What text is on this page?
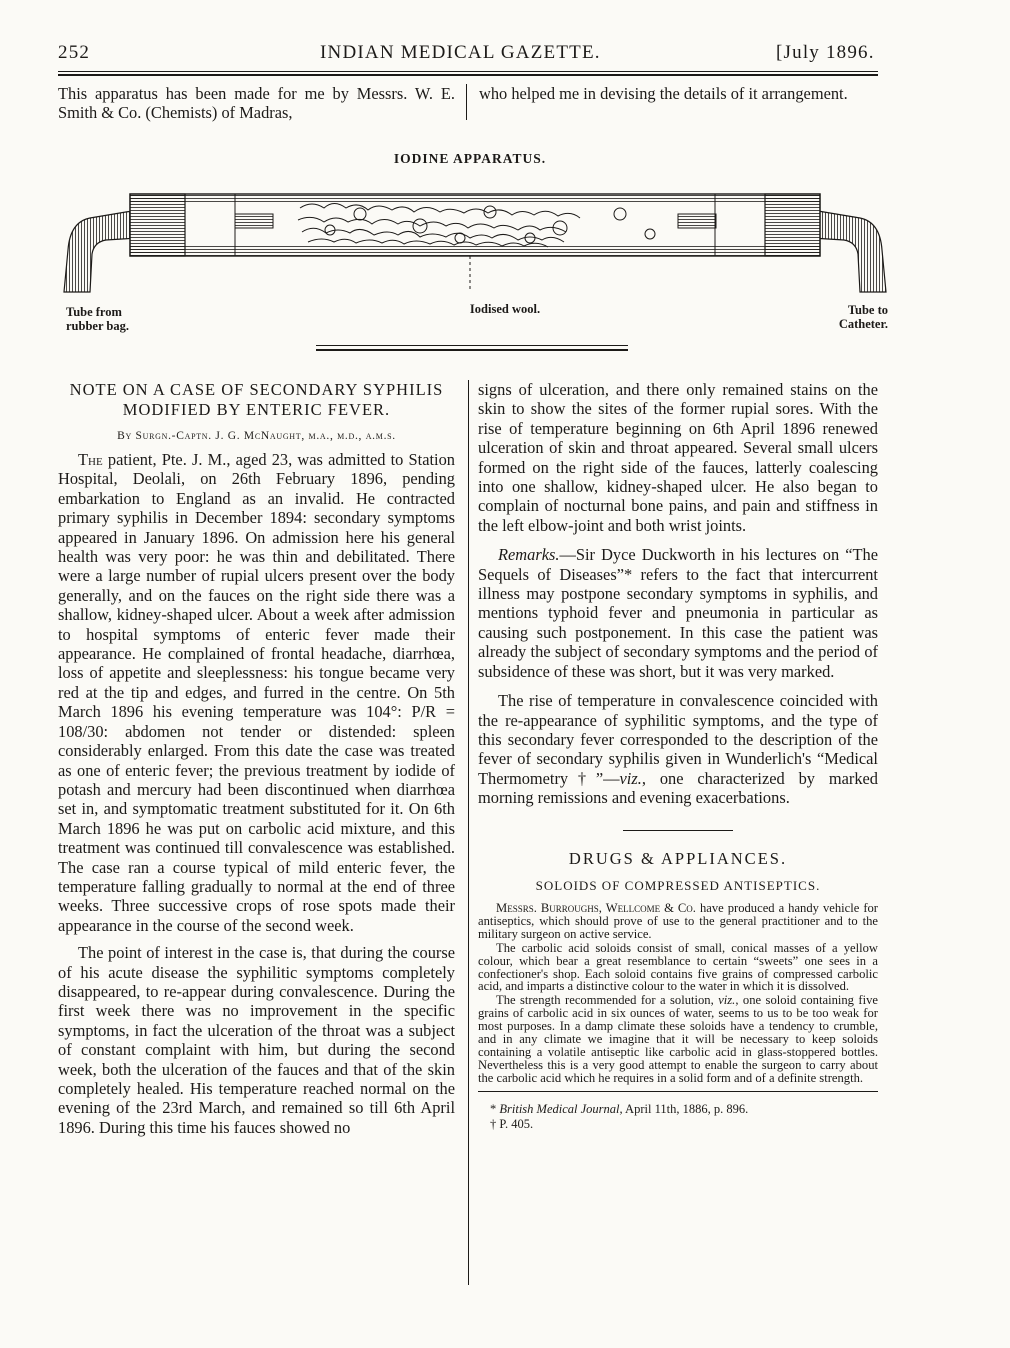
252	INDIAN MEDICAL GAZETTE.	[July 1896.

This apparatus has been made for me by Messrs. W. E. Smith & Co. (Chemists) of Madras,

who helped me in devising the details of it arrangement.

IODINE APPARATUS.
Tube from rubber bag.
Iodised wool.	Tube to Catheter.
NOTE ON A CASE OF SECONDARY SYPHILIS MODIFIED BY ENTERIC FEVER.
By Surgn.-Captn. J. G. McNaught, m.a., m.d., a.m.s.

The patient, Pte. J. M., aged 23, was admitted to Station Hospital, Deolali, on 26th February 1896, pending embarkation to England as an invalid. He contracted primary syphilis in December 1894: secondary symptoms appeared in January 1896. On admission here his general health was very poor: he was thin and debilitated. There were a large number of rupial ulcers present over the body generally, and on the fauces on the right side there was a shallow, kidney-shaped ulcer. About a week after admission to hospital symptoms of enteric fever made their appearance. He complained of frontal headache, diarrhœa, loss of appetite and sleeplessness: his tongue became very red at the tip and edges, and furred in the centre. On 5th March 1896 his evening temperature was 104°: P/R = 108/30: abdomen not tender or distended: spleen considerably enlarged. From this date the case was treated as one of enteric fever; the previous treatment by iodide of potash and mercury had been discontinued when diarrhœa set in, and symptomatic treatment substituted for it. On 6th March 1896 he was put on carbolic acid mixture, and this treatment was continued till convalescence was established. The case ran a course typical of mild enteric fever, the temperature falling gradually to normal at the end of three weeks. Three successive crops of rose spots made their appearance in the course of the second week.

The point of interest in the case is, that during the course of his acute disease the syphilitic symptoms completely disappeared, to re-appear during convalescence. During the first week there was no improvement in the specific symptoms, in fact the ulceration of the throat was a subject of constant complaint with him, but during the second week, both the ulceration of the fauces and that of the skin completely healed. His temperature reached normal on the evening of the 23rd March, and remained so till 6th April 1896. During this time his fauces showed no

signs of ulceration, and there only remained stains on the skin to show the sites of the former rupial sores. With the rise of temperature beginning on 6th April 1896 renewed ulceration of skin and throat appeared. Several small ulcers formed on the right side of the fauces, latterly coalescing into one shallow, kidney-shaped ulcer. He also began to complain of nocturnal bone pains, and pain and stiffness in the left elbow-joint and both wrist joints.

Remarks.—Sir Dyce Duckworth in his lectures on “The Sequels of Diseases”* refers to the fact that intercurrent illness may postpone secondary symptoms in syphilis, and mentions typhoid fever and pneumonia in particular as causing such postponement. In this case the patient was already the subject of secondary symptoms and the period of subsidence of these was short, but it was very marked.

The rise of temperature in convalescence coincided with the re-appearance of syphilitic symptoms, and the type of this secondary fever corresponded to the description of the fever of secondary syphilis given in Wunderlich's “Medical Thermometry†”—viz., one characterized by marked morning remissions and evening exacerbations.

DRUGS & APPLIANCES.
SOLOIDS OF COMPRESSED ANTISEPTICS.

Messrs. Burroughs, Wellcome & Co. have produced a handy vehicle for antiseptics, which should prove of use to the general practitioner and to the military surgeon on active service.

The carbolic acid soloids consist of small, conical masses of a yellow colour, which bear a great resemblance to certain “sweets” one sees in a confectioner's shop. Each soloid contains five grains of compressed carbolic acid, and imparts a distinctive colour to the water in which it is dissolved.

The strength recommended for a solution, viz., one soloid containing five grains of carbolic acid in six ounces of water, seems to us to be too weak for most purposes. In a damp climate these soloids have a tendency to crumble, and in any climate we imagine that it will be necessary to keep soloids containing a volatile antiseptic like carbolic acid in glass-stoppered bottles. Nevertheless this is a very good attempt to enable the surgeon to carry about the carbolic acid which he requires in a solid form and of a definite strength.

* British Medical Journal, April 11th, 1886, p. 896.
† P. 405.
